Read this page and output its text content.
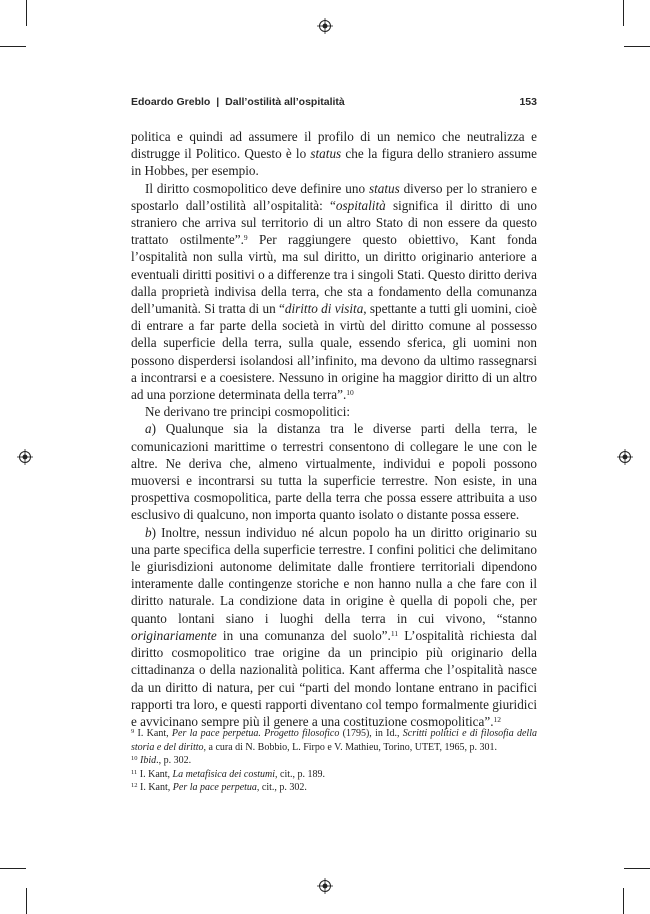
Edoardo Greblo | Dall’ostilità all’ospitalità	153

politica e quindi ad assumere il profilo di un nemico che neutralizza e distrugge il Politico. Questo è lo status che la figura dello straniero assume in Hobbes, per esempio.

Il diritto cosmopolitico deve definire uno status diverso per lo straniero e spostarlo dall’ostilità all’ospitalità: “ospitalità significa il diritto di uno straniero che arriva sul territorio di un altro Stato di non essere da questo trattato ostilmente”.$^9$ Per raggiungere questo obiettivo, Kant fonda l’ospitalità non sulla virtù, ma sul diritto, un diritto originario anteriore a eventuali diritti positivi o a differenze tra i singoli Stati. Questo diritto deriva dalla proprietà indivisa della terra, che sta a fondamento della comunanza dell’umanità. Si tratta di un “diritto di visita, spettante a tutti gli uomini, cioè di entrare a far parte della società in virtù del diritto comune al possesso della superficie della terra, sulla quale, essendo sferica, gli uomini non possono disperdersi isolandosi all’infinito, ma devono da ultimo rassegnarsi a incontrarsi e a coesistere. Nessuno in origine ha maggior diritto di un altro ad una porzione determinata della terra”.$^{10}$

Ne derivano tre principi cosmopolitici:

a) Qualunque sia la distanza tra le diverse parti della terra, le comunicazioni marittime o terrestri consentono di collegare le une con le altre. Ne deriva che, almeno virtualmente, individui e popoli possono muoversi e incontrarsi su tutta la superficie terrestre. Non esiste, in una prospettiva cosmopolitica, parte della terra che possa essere attribuita a uso esclusivo di qualcuno, non importa quanto isolato o distante possa essere.

b) Inoltre, nessun individuo né alcun popolo ha un diritto originario su una parte specifica della superficie terrestre. I confini politici che delimitano le giurisdizioni autonome delimitate dalle frontiere territoriali dipendono interamente dalle contingenze storiche e non hanno nulla a che fare con il diritto naturale. La condizione data in origine è quella di popoli che, per quanto lontani siano i luoghi della terra in cui vivono, “stanno originariamente in una comunanza del suolo”.$^{11}$ L’ospitalità richiesta dal diritto cosmopolitico trae origine da un principio più originario della cittadinanza o della nazionalità politica. Kant afferma che l’ospitalità nasce da un diritto di natura, per cui “parti del mondo lontane entrano in pacifici rapporti tra loro, e questi rapporti diventano col tempo formalmente giuridici e avvicinano sempre più il genere a una costituzione cosmopolitica”.$^{12}$

$^9$ I. Kant, Per la pace perpetua. Progetto filosofico (1795), in Id., Scritti politici e di filosofia della storia e del diritto, a cura di N. Bobbio, L. Firpo e V. Mathieu, Torino, UTET, 1965, p. 301.

$^{10}$ Ibid., p. 302.

$^{11}$ I. Kant, La metafisica dei costumi, cit., p. 189.

$^{12}$ I. Kant, Per la pace perpetua, cit., p. 302.
